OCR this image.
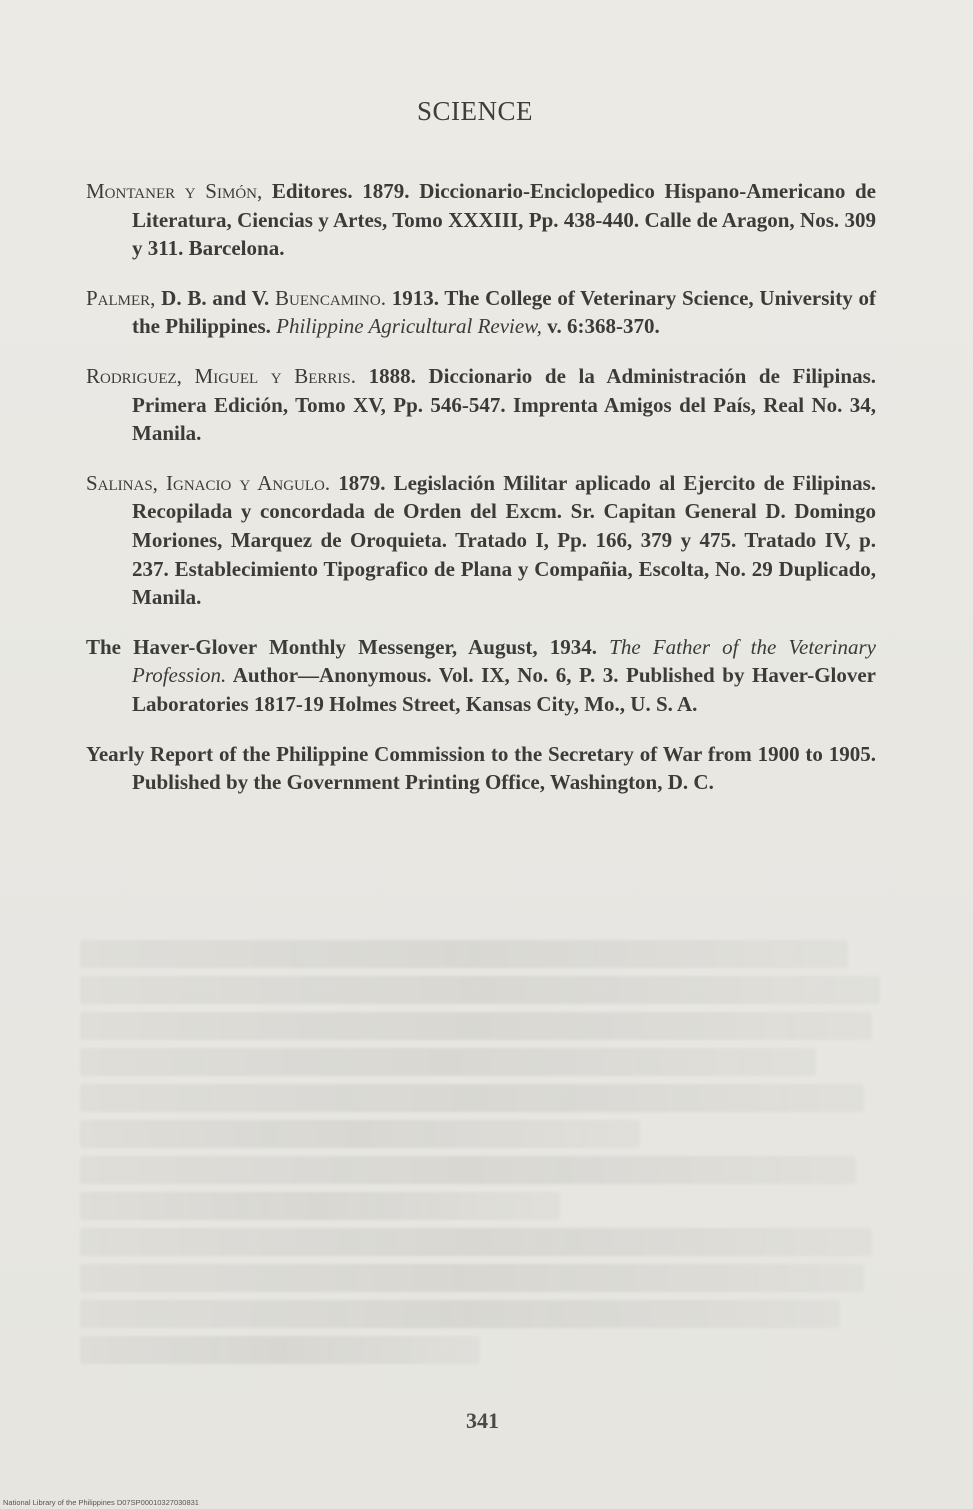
SCIENCE

Montaner y Simón, Editores. 1879. Diccionario-Enciclopedico Hispano-Americano de Literatura, Ciencias y Artes, Tomo XXXIII, Pp. 438-440. Calle de Aragon, Nos. 309 y 311. Barcelona.

Palmer, D. B. and V. Buencamino. 1913. The College of Veterinary Science, University of the Philippines. Philippine Agricultural Review, v. 6:368-370.

Rodriguez, Miguel y Berris. 1888. Diccionario de la Administración de Filipinas. Primera Edición, Tomo XV, Pp. 546-547. Imprenta Amigos del País, Real No. 34, Manila.

Salinas, Ignacio y Angulo. 1879. Legislación Militar aplicado al Ejercito de Filipinas. Recopilada y concordada de Orden del Excm. Sr. Capitan General D. Domingo Moriones, Marquez de Oroquieta. Tratado I, Pp. 166, 379 y 475. Tratado IV, p. 237. Establecimiento Tipografico de Plana y Compañia, Escolta, No. 29 Duplicado, Manila.

The Haver-Glover Monthly Messenger, August, 1934. The Father of the Veterinary Profession. Author—Anonymous. Vol. IX, No. 6, P. 3. Published by Haver-Glover Laboratories 1817-19 Holmes Street, Kansas City, Mo., U. S. A.

Yearly Report of the Philippine Commission to the Secretary of War from 1900 to 1905. Published by the Government Printing Office, Washington, D. C.

341
National Library of the Philippines D07SP00010327030831
